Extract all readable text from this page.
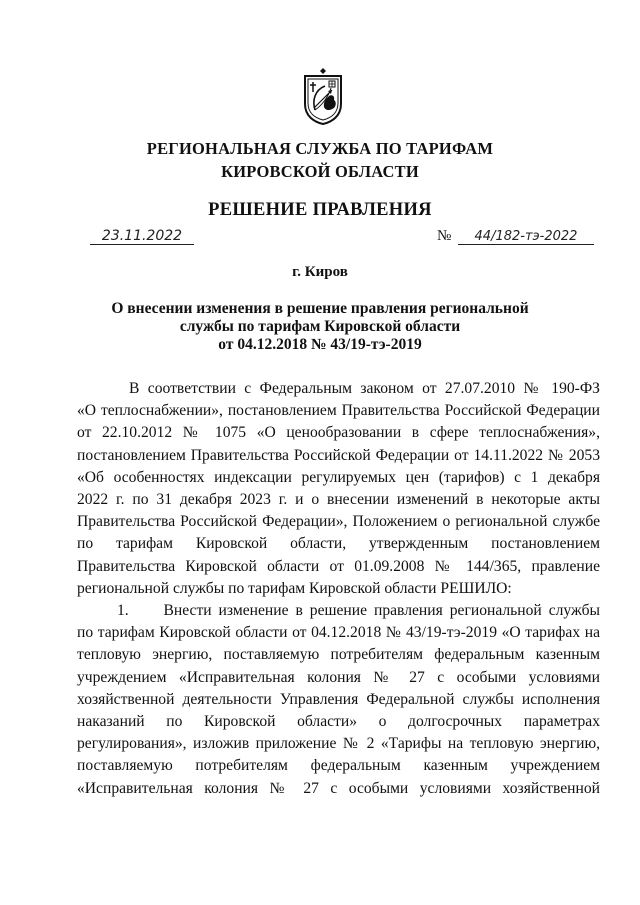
РЕГИОНАЛЬНАЯ СЛУЖБА ПО ТАРИФАМ
КИРОВСКОЙ ОБЛАСТИ
РЕШЕНИЕ ПРАВЛЕНИЯ
23.11.2022	№	44/182-тэ-2022
г. Киров
О внесении изменения в решение правления региональной
службы по тарифам Кировской области
от 04.12.2018 № 43/19-тэ-2019
В соответствии с Федеральным законом от 27.07.2010 № 190-ФЗ
«О теплоснабжении», постановлением Правительства Российской Федерации
от 22.10.2012 № 1075 «О ценообразовании в сфере теплоснабжения»,
постановлением Правительства Российской Федерации от 14.11.2022 № 2053
«Об особенностях индексации регулируемых цен (тарифов) с 1 декабря
2022 г. по 31 декабря 2023 г. и о внесении изменений в некоторые акты
Правительства Российской Федерации», Положением о региональной службе
по тарифам Кировской области, утвержденным постановлением
Правительства Кировской области от 01.09.2008 № 144/365, правление
региональной службы по тарифам Кировской области РЕШИЛО:
1.     Внести изменение в решение правления региональной службы
по тарифам Кировской области от 04.12.2018 № 43/19-тэ-2019 «О тарифах на
тепловую энергию, поставляемую потребителям федеральным казенным
учреждением «Исправительная колония № 27 с особыми условиями
хозяйственной деятельности Управления Федеральной службы исполнения
наказаний по Кировской области» о долгосрочных параметрах
регулирования», изложив приложение № 2 «Тарифы на тепловую энергию,
поставляемую потребителям федеральным казенным учреждением
«Исправительная колония № 27 с особыми условиями хозяйственной
